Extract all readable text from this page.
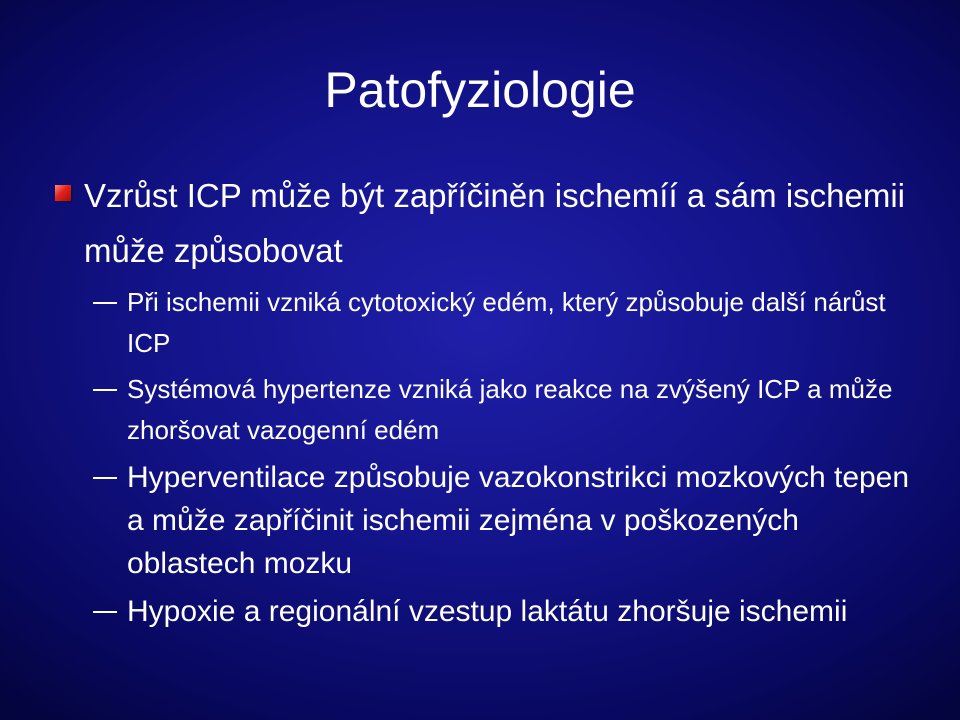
Patofyziologie
Vzrůst ICP může být zapříčiněn ischemíí a sám ischemii může způsobovat
Při ischemii vzniká cytotoxický edém, který způsobuje další nárůst ICP
Systémová hypertenze vzniká jako reakce na zvýšený ICP a může zhoršovat vazogenní edém
Hyperventilace způsobuje vazokonstrikci mozkových tepen a může zapříčinit ischemii zejména v poškozených oblastech mozku
Hypoxie a regionální vzestup laktátu zhoršuje ischemii
